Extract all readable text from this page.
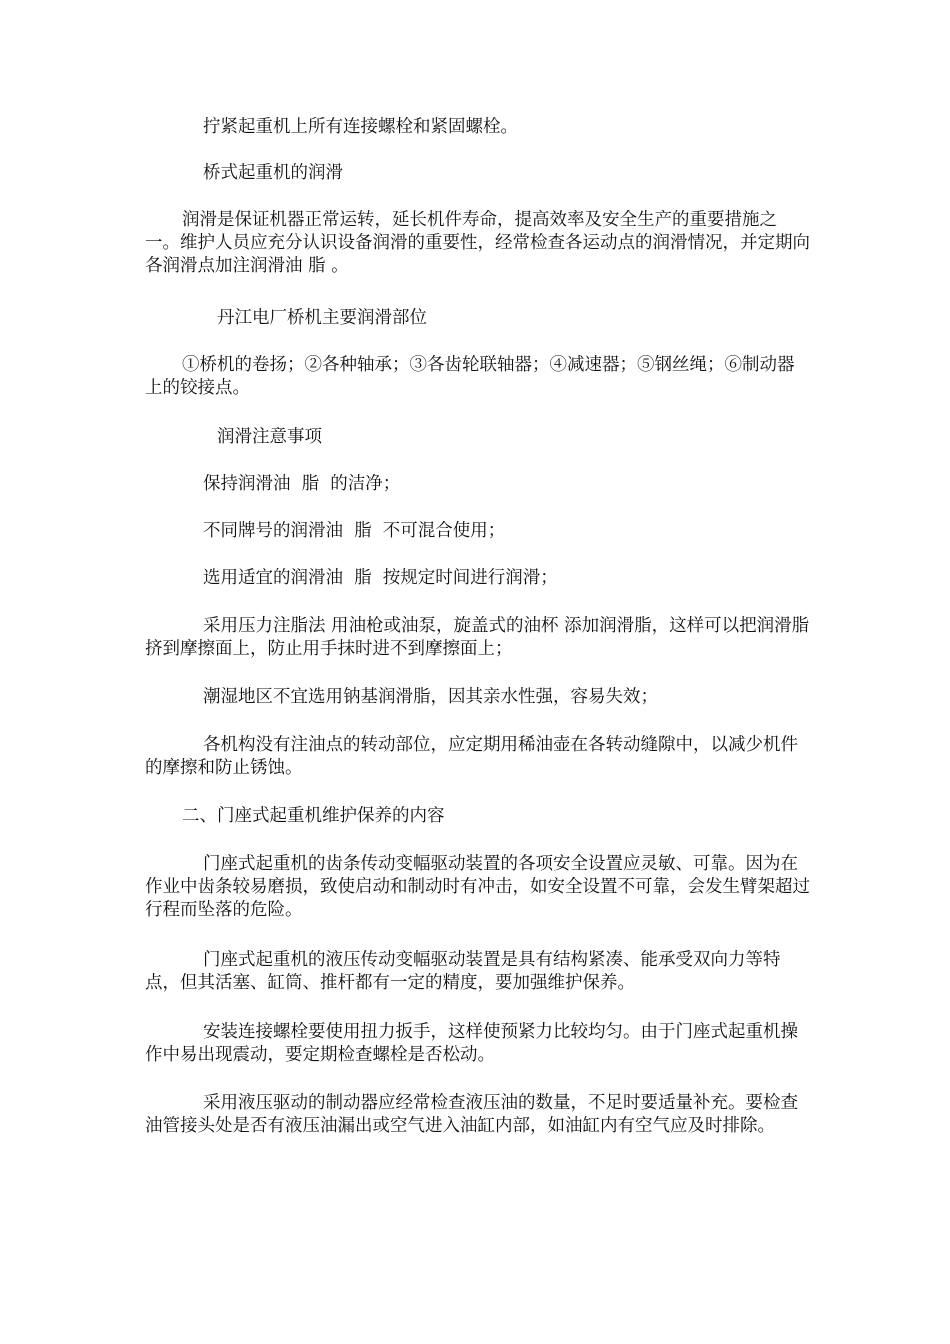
拧紧起重机上所有连接螺栓和紧固螺栓。

桥式起重机的润滑

润滑是保证机器正常运转，延长机件寿命，提高效率及安全生产的重要措施之一。维护人员应充分认识设备润滑的重要性，经常检查各运动点的润滑情况，并定期向各润滑点加注润滑油 脂 。

丹江电厂桥机主要润滑部位

①桥机的卷扬；②各种轴承；③各齿轮联轴器；④减速器；⑤钢丝绳；⑥制动器上的铰接点。

润滑注意事项

保持润滑油  脂  的洁净；

不同牌号的润滑油  脂  不可混合使用；

选用适宜的润滑油  脂  按规定时间进行润滑；

采用压力注脂法 用油枪或油泵，旋盖式的油杯 添加润滑脂，这样可以把润滑脂挤到摩擦面上，防止用手抹时进不到摩擦面上；

潮湿地区不宜选用钠基润滑脂，因其亲水性强，容易失效；

各机构没有注油点的转动部位，应定期用稀油壶在各转动缝隙中，以减少机件的摩擦和防止锈蚀。

二、门座式起重机维护保养的内容

门座式起重机的齿条传动变幅驱动装置的各项安全设置应灵敏、可靠。因为在作业中齿条较易磨损，致使启动和制动时有冲击，如安全设置不可靠，会发生臂架超过行程而坠落的危险。

门座式起重机的液压传动变幅驱动装置是具有结构紧凑、能承受双向力等特点，但其活塞、缸筒、推杆都有一定的精度，要加强维护保养。

安装连接螺栓要使用扭力扳手，这样使预紧力比较均匀。由于门座式起重机操作中易出现震动，要定期检查螺栓是否松动。

采用液压驱动的制动器应经常检查液压油的数量，不足时要适量补充。要检查油管接头处是否有液压油漏出或空气进入油缸内部，如油缸内有空气应及时排除。
